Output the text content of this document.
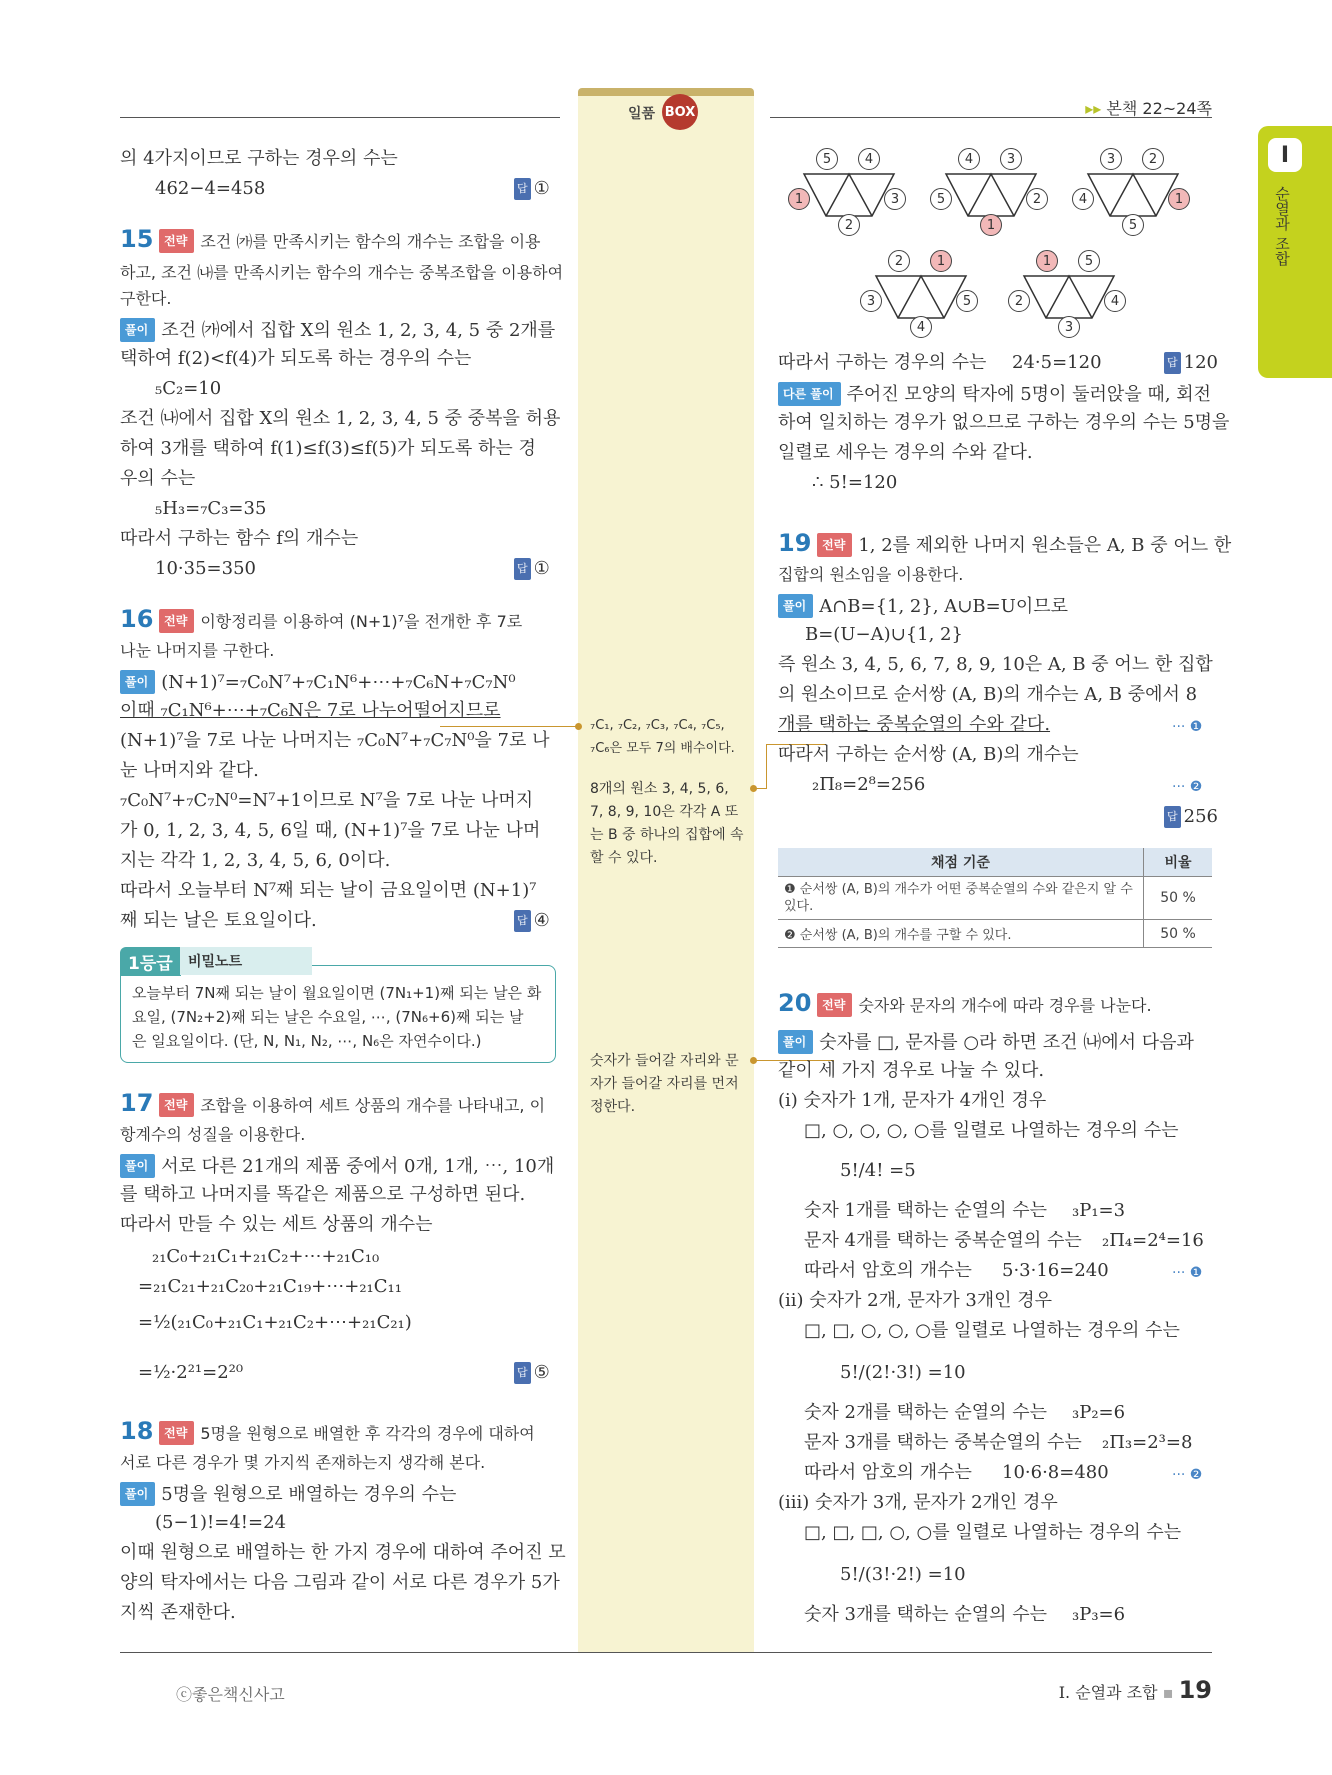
일품 BOX	▸▸ 본책 22~24쪽
I
순열과 조합
의 4가지이므로 구하는 경우의 수는
462−4=458	답 ①
15 전략 조건 ㈎를 만족시키는 함수의 개수는 조합을 이용
하고, 조건 ㈏를 만족시키는 함수의 개수는 중복조합을 이용하여
구한다.
풀이 조건 ㈎에서 집합 X의 원소 1, 2, 3, 4, 5 중 2개를
택하여 f(2)<f(4)가 되도록 하는 경우의 수는
₅C₂=10
조건 ㈏에서 집합 X의 원소 1, 2, 3, 4, 5 중 중복을 허용
하여 3개를 택하여 f(1)≤f(3)≤f(5)가 되도록 하는 경
우의 수는
₅H₃=₇C₃=35
따라서 구하는 함수 f의 개수는
10·35=350	답 ①
16 전략 이항정리를 이용하여 (N+1)⁷을 전개한 후 7로
나눈 나머지를 구한다.
풀이 (N+1)⁷=₇C₀N⁷+₇C₁N⁶+⋯+₇C₆N+₇C₇N⁰
이때 ₇C₁N⁶+⋯+₇C₆N은 7로 나누어떨어지므로
(N+1)⁷을 7로 나눈 나머지는 ₇C₀N⁷+₇C₇N⁰을 7로 나
눈 나머지와 같다.
₇C₀N⁷+₇C₇N⁰=N⁷+1이므로 N⁷을 7로 나눈 나머지
가 0, 1, 2, 3, 4, 5, 6일 때, (N+1)⁷을 7로 나눈 나머
지는 각각 1, 2, 3, 4, 5, 6, 0이다.
따라서 오늘부터 N⁷째 되는 날이 금요일이면 (N+1)⁷
째 되는 날은 토요일이다.	답 ④
1등급	비밀노트
오늘부터 7N째 되는 날이 월요일이면 (7N₁+1)째 되는 날은 화
요일, (7N₂+2)째 되는 날은 수요일, ⋯, (7N₆+6)째 되는 날
은 일요일이다. (단, N, N₁, N₂, ⋯, N₆은 자연수이다.)
17 전략 조합을 이용하여 세트 상품의 개수를 나타내고, 이
항계수의 성질을 이용한다.
풀이 서로 다른 21개의 제품 중에서 0개, 1개, ⋯, 10개
를 택하고 나머지를 똑같은 제품으로 구성하면 된다.
따라서 만들 수 있는 세트 상품의 개수는
₂₁C₀+₂₁C₁+₂₁C₂+⋯+₂₁C₁₀
=₂₁C₂₁+₂₁C₂₀+₂₁C₁₉+⋯+₂₁C₁₁
=½(₂₁C₀+₂₁C₁+₂₁C₂+⋯+₂₁C₂₁)
=½·2²¹=2²⁰	답 ⑤
18 전략 5명을 원형으로 배열한 후 각각의 경우에 대하여
서로 다른 경우가 몇 가지씩 존재하는지 생각해 본다.
풀이 5명을 원형으로 배열하는 경우의 수는
(5−1)!=4!=24
이때 원형으로 배열하는 한 가지 경우에 대하여 주어진 모
양의 탁자에서는 다음 그림과 같이 서로 다른 경우가 5가
지씩 존재한다.
₇C₁, ₇C₂, ₇C₃, ₇C₄, ₇C₅,
₇C₆은 모두 7의 배수이다.
8개의 원소 3, 4, 5, 6,
7, 8, 9, 10은 각각 A 또
는 B 중 하나의 집합에 속
할 수 있다.
숫자가 들어갈 자리와 문
자가 들어갈 자리를 먼저
정한다.
5	4
1	3
2
4	3
5	2
1
3	2
4	1
5
2	1
3	5
4
1	5
2	4
3
따라서 구하는 경우의 수는 24·5=120	답 120
다른 풀이 주어진 모양의 탁자에 5명이 둘러앉을 때, 회전
하여 일치하는 경우가 없으므로 구하는 경우의 수는 5명을
일렬로 세우는 경우의 수와 같다.
∴ 5!=120
19 전략 1, 2를 제외한 나머지 원소들은 A, B 중 어느 한
집합의 원소임을 이용한다.
풀이 A∩B={1, 2}, A∪B=U이므로
B=(U−A)∪{1, 2}
즉 원소 3, 4, 5, 6, 7, 8, 9, 10은 A, B 중 어느 한 집합
의 원소이므로 순서쌍 (A, B)의 개수는 A, B 중에서 8
개를 택하는 중복순열의 수와 같다.	··· ❶
따라서 구하는 순서쌍 (A, B)의 개수는
₂Π₈=2⁸=256	··· ❷
답 256
채점 기준	비율
❶ 순서쌍 (A, B)의 개수가 어떤 중복순열의 수와 같은지 알 수 있다.	50 %
❷ 순서쌍 (A, B)의 개수를 구할 수 있다.	50 %
20 전략 숫자와 문자의 개수에 따라 경우를 나눈다.
풀이 숫자를 □, 문자를 ○라 하면 조건 ㈏에서 다음과
같이 세 가지 경우로 나눌 수 있다.
(i) 숫자가 1개, 문자가 4개인 경우
□, ○, ○, ○, ○를 일렬로 나열하는 경우의 수는
5!/4! =5
숫자 1개를 택하는 순열의 수는 ₃P₁=3
문자 4개를 택하는 중복순열의 수는 ₂Π₄=2⁴=16
따라서 암호의 개수는 5·3·16=240	··· ❶
(ii) 숫자가 2개, 문자가 3개인 경우
□, □, ○, ○, ○를 일렬로 나열하는 경우의 수는
5!/(2!·3!) =10
숫자 2개를 택하는 순열의 수는 ₃P₂=6
문자 3개를 택하는 중복순열의 수는 ₂Π₃=2³=8
따라서 암호의 개수는 10·6·8=480	··· ❷
(iii) 숫자가 3개, 문자가 2개인 경우
□, □, □, ○, ○를 일렬로 나열하는 경우의 수는
5!/(3!·2!) =10
숫자 3개를 택하는 순열의 수는 ₃P₃=6
ⓒ좋은책신사고	I. 순열과 조합 ▪ 19
